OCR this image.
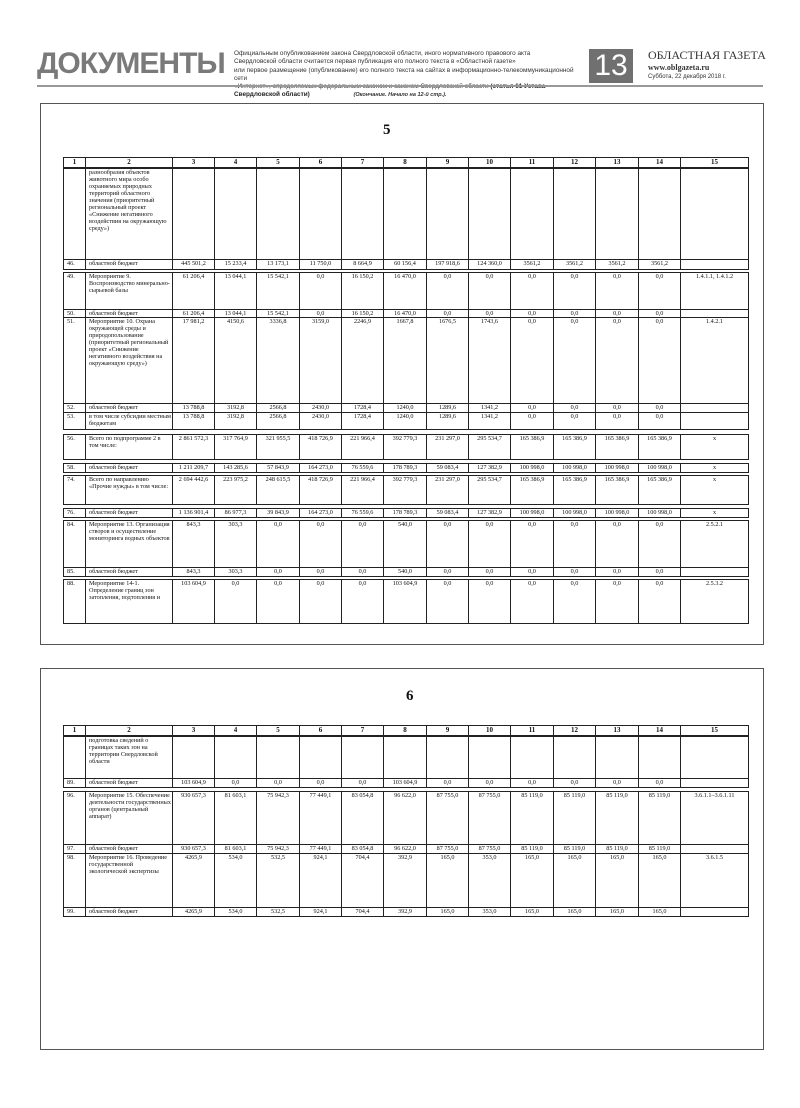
ДОКУМЕНТЫ Официальным опубликованием закона Свердловской области, иного нормативного правового акта
Свердловской области считается первая публикация его полного текста в «Областной газете»
или первое размещение (опубликование) его полного текста на сайтах в информационно-телекоммуникационной сети
Свердловской области)
13	ОБЛАСТНАЯ ГАЗЕТА
www.oblgazeta.ru
Суббота, 22 декабря 2018 г.
(Окончание. Начало на 12-й стр.).
5
1	2	3	4	5	6	7	8	9	10	11	12	13	14	15
	разнообразия объектов животного мира особо охраняемых природных территорий областного значения (приоритетный региональный проект «Снижение негативного воздействия на окружающую среду»)													
46.	областной бюджет	445 501,2	15 233,4	13 173,1	11 750,0	8 664,9	60 156,4	197 918,6	124 360,0	3561,2	3561,2	3561,2	3561,2	
49.	Мероприятие 9. Воспроизводство минерально-сырьевой базы	61 206,4	13 044,1	15 542,1	0,0	16 150,2	16 470,0	0,0	0,0	0,0	0,0	0,0	0,0	1.4.1.1, 1.4.1.2
50.	областной бюджет	61 206,4	13 044,1	15 542,1	0,0	16 150,2	16 470,0	0,0	0,0	0,0	0,0	0,0	0,0	
51.	Мероприятие 10. Охрана окружающей среды и природопользование (приоритетный региональный проект «Снижение негативного воздействия на окружающую среду»)	17 981,2	4150,6	3336,8	3159,0	2246,9	1667,8	1676,5	1743,6	0,0	0,0	0,0	0,0	1.4.2.1
52.	областной бюджет	13 788,8	3192,8	2566,8	2430,0	1728,4	1240,0	1289,6	1341,2	0,0	0,0	0,0	0,0	
53.	в том числе субсидии местным бюджетам	13 788,8	3192,8	2566,8	2430,0	1728,4	1240,0	1289,6	1341,2	0,0	0,0	0,0	0,0	
56.	Всего по подпрограмме 2 в том числе:	2 861 572,3	317 764,9	321 955,5	418 726,9	221 966,4	392 779,3	231 297,0	295 534,7	165 386,9	165 386,9	165 386,9	165 386,9	x
58.	областной бюджет	1 211 209,7	143 285,6	57 843,9	164 273,0	76 559,6	178 789,3	59 083,4	127 382,9	100 998,0	100 998,0	100 998,0	100 998,0	x
74.	Всего по направлению «Прочие нужды» в том числе:	2 694 442,6	223 975,2	248 615,5	418 726,9	221 966,4	392 779,3	231 297,0	295 534,7	165 386,9	165 386,9	165 386,9	165 386,9	x
76.	областной бюджет	1 136 901,4	86 977,3	39 843,9	164 273,0	76 559,6	178 789,3	59 083,4	127 382,9	100 998,0	100 998,0	100 998,0	100 998,0	x
84.	Мероприятие 13. Организация створов и осуществление мониторинга водных объектов	843,3	303,3	0,0	0,0	0,0	540,0	0,0	0,0	0,0	0,0	0,0	0,0	2.5.2.1
85.	областной бюджет	843,3	303,3	0,0	0,0	0,0	540,0	0,0	0,0	0,0	0,0	0,0	0,0	
88.	Мероприятие 14-1. Определение границ зон затопления, подтопления и	103 604,9	0,0	0,0	0,0	0,0	103 604,9	0,0	0,0	0,0	0,0	0,0	0,0	2.5.3.2
6
1	2	3	4	5	6	7	8	9	10	11	12	13	14	15
	подготовка сведений о границах таких зон на территории Свердловской области													
89.	областной бюджет	103 604,9	0,0	0,0	0,0	0,0	103 604,9	0,0	0,0	0,0	0,0	0,0	0,0	
96.	Мероприятие 15. Обеспечение деятельности государственных органов (центральный аппарат)	930 657,3	81 603,1	75 942,3	77 449,1	83 054,8	96 622,0	87 755,0	87 755,0	85 119,0	85 119,0	85 119,0	85 119,0	3.6.1.1–3.6.1.11
97.	областной бюджет	930 657,3	81 603,1	75 942,3	77 449,1	83 054,8	96 622,0	87 755,0	87 755,0	85 119,0	85 119,0	85 119,0	85 119,0	
98.	Мероприятие 16. Проведение государственной экологической экспертизы	4265,9	534,0	532,5	924,1	704,4	392,9	165,0	353,0	165,0	165,0	165,0	165,0	3.6.1.5
99.	областной бюджет	4265,9	534,0	532,5	924,1	704,4	392,9	165,0	353,0	165,0	165,0	165,0	165,0	
